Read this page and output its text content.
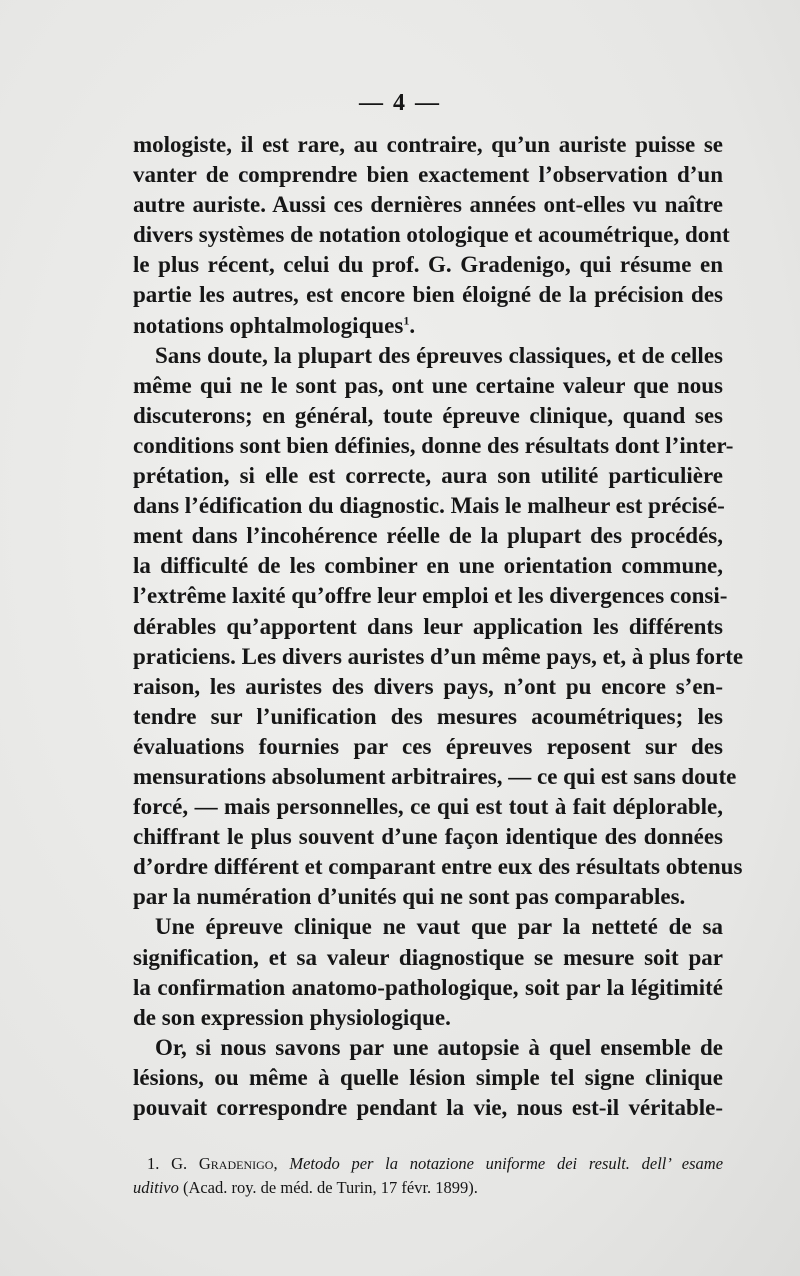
— 4 —
mologiste, il est rare, au contraire, qu’un auriste puisse se
vanter de comprendre bien exactement l’observation d’un
autre auriste. Aussi ces dernières années ont-elles vu naître
divers systèmes de notation otologique et acoumétrique, dont
le plus récent, celui du prof. G. Gradenigo, qui résume en
partie les autres, est encore bien éloigné de la précision des
notations ophtalmologiques$^1$.
Sans doute, la plupart des épreuves classiques, et de celles
même qui ne le sont pas, ont une certaine valeur que nous
discuterons; en général, toute épreuve clinique, quand ses
conditions sont bien définies, donne des résultats dont l’inter-
prétation, si elle est correcte, aura son utilité particulière
dans l’édification du diagnostic. Mais le malheur est précisé-
ment dans l’incohérence réelle de la plupart des procédés,
la difficulté de les combiner en une orientation commune,
l’extrême laxité qu’offre leur emploi et les divergences consi-
dérables qu’apportent dans leur application les différents
praticiens. Les divers auristes d’un même pays, et, à plus forte
raison, les auristes des divers pays, n’ont pu encore s’en-
tendre sur l’unification des mesures acoumétriques; les
évaluations fournies par ces épreuves reposent sur des
mensurations absolument arbitraires, — ce qui est sans doute
forcé, — mais personnelles, ce qui est tout à fait déplorable,
chiffrant le plus souvent d’une façon identique des données
d’ordre différent et comparant entre eux des résultats obtenus
par la numération d’unités qui ne sont pas comparables.
Une épreuve clinique ne vaut que par la netteté de sa
signification, et sa valeur diagnostique se mesure soit par
la confirmation anatomo-pathologique, soit par la légitimité
de son expression physiologique.
Or, si nous savons par une autopsie à quel ensemble de
lésions, ou même à quelle lésion simple tel signe clinique
pouvait correspondre pendant la vie, nous est-il véritable-
1. G. Gradenigo, Metodo per la notazione uniforme dei result. dell’ esame
uditivo (Acad. roy. de méd. de Turin, 17 févr. 1899).
